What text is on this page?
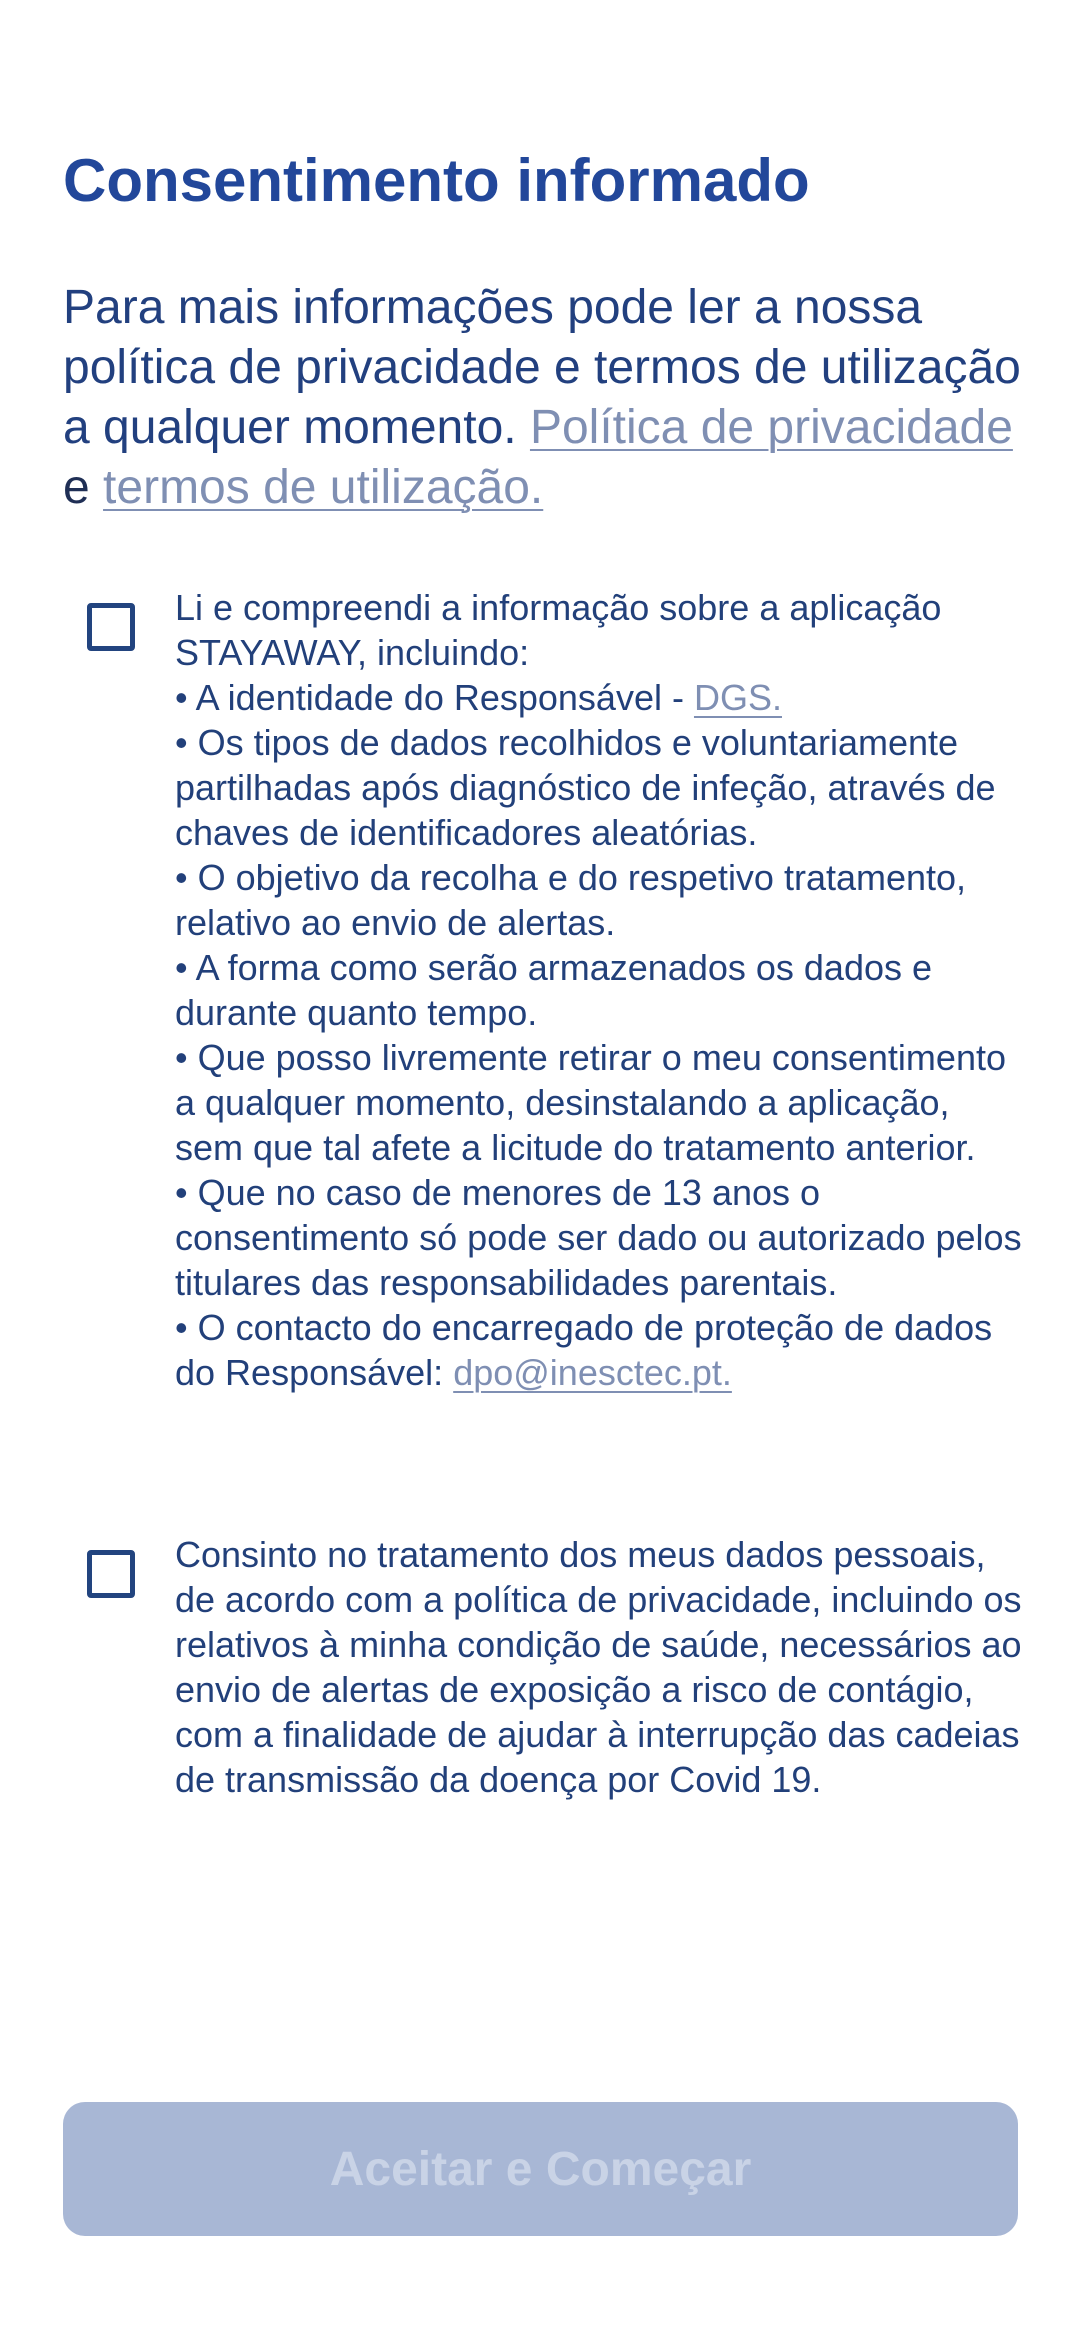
Consentimento informado

Para mais informações pode ler a nossa política de privacidade e termos de utilização a qualquer momento. Política de privacidade e termos de utilização.

Li e compreendi a informação sobre a aplicação STAYAWAY, incluindo:
• A identidade do Responsável - DGS.
• Os tipos de dados recolhidos e voluntariamente partilhadas após diagnóstico de infeção, através de chaves de identificadores aleatórias.
• O objetivo da recolha e do respetivo tratamento, relativo ao envio de alertas.
• A forma como serão armazenados os dados e durante quanto tempo.
• Que posso livremente retirar o meu consentimento a qualquer momento, desinstalando a aplicação, sem que tal afete a licitude do tratamento anterior.
• Que no caso de menores de 13 anos o consentimento só pode ser dado ou autorizado pelos titulares das responsabilidades parentais.
• O contacto do encarregado de proteção de dados do Responsável: dpo@inesctec.pt.
Consinto no tratamento dos meus dados pessoais, de acordo com a política de privacidade, incluindo os relativos à minha condição de saúde, necessários ao envio de alertas de exposição a risco de contágio, com a finalidade de ajudar à interrupção das cadeias de transmissão da doença por Covid 19.
Aceitar e Começar
